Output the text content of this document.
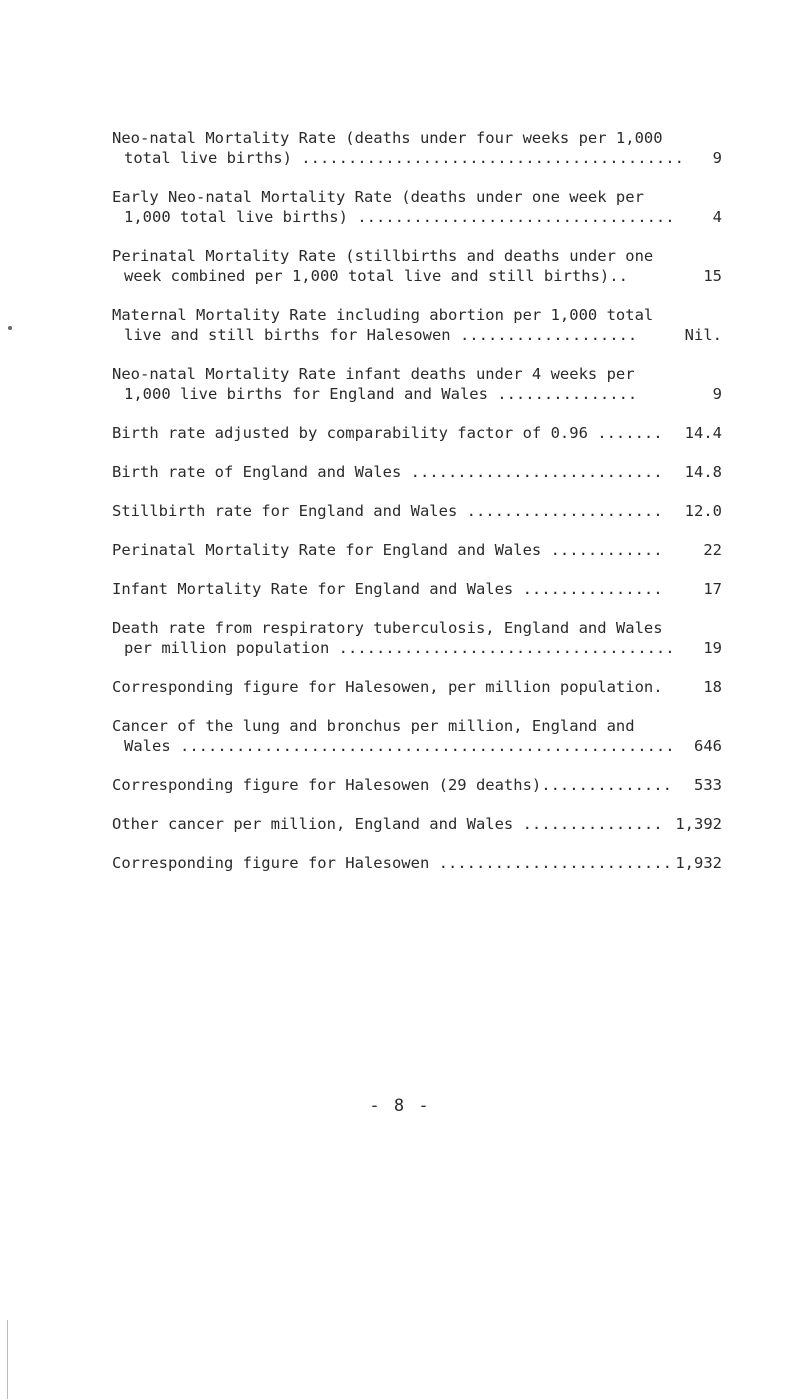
Neo-natal Mortality Rate (deaths under four weeks per 1,000
total live births) .........................................	9
Early Neo-natal Mortality Rate (deaths under one week per
1,000 total live births) ..................................	4
Perinatal Mortality Rate (stillbirths and deaths under one
week combined per 1,000 total live and still births)..	15
Maternal Mortality Rate including abortion per 1,000 total
live and still births for Halesowen ...................	Nil.
Neo-natal Mortality Rate infant deaths under 4 weeks per
1,000 live births for England and Wales ...............	9
Birth rate adjusted by comparability factor of 0.96 .......	14.4
Birth rate of England and Wales ...........................	14.8
Stillbirth rate for England and Wales .....................	12.0
Perinatal Mortality Rate for England and Wales ............	22
Infant Mortality Rate for England and Wales ...............	17
Death rate from respiratory tuberculosis, England and Wales
per million population ....................................	19
Corresponding figure for Halesowen, per million population.	18
Cancer of the lung and bronchus per million, England and
Wales .....................................................	646
Corresponding figure for Halesowen (29 deaths)..............	533
Other cancer per million, England and Wales ............... 1,392
Corresponding figure for Halesowen ......................... 1,932
- 8 -
